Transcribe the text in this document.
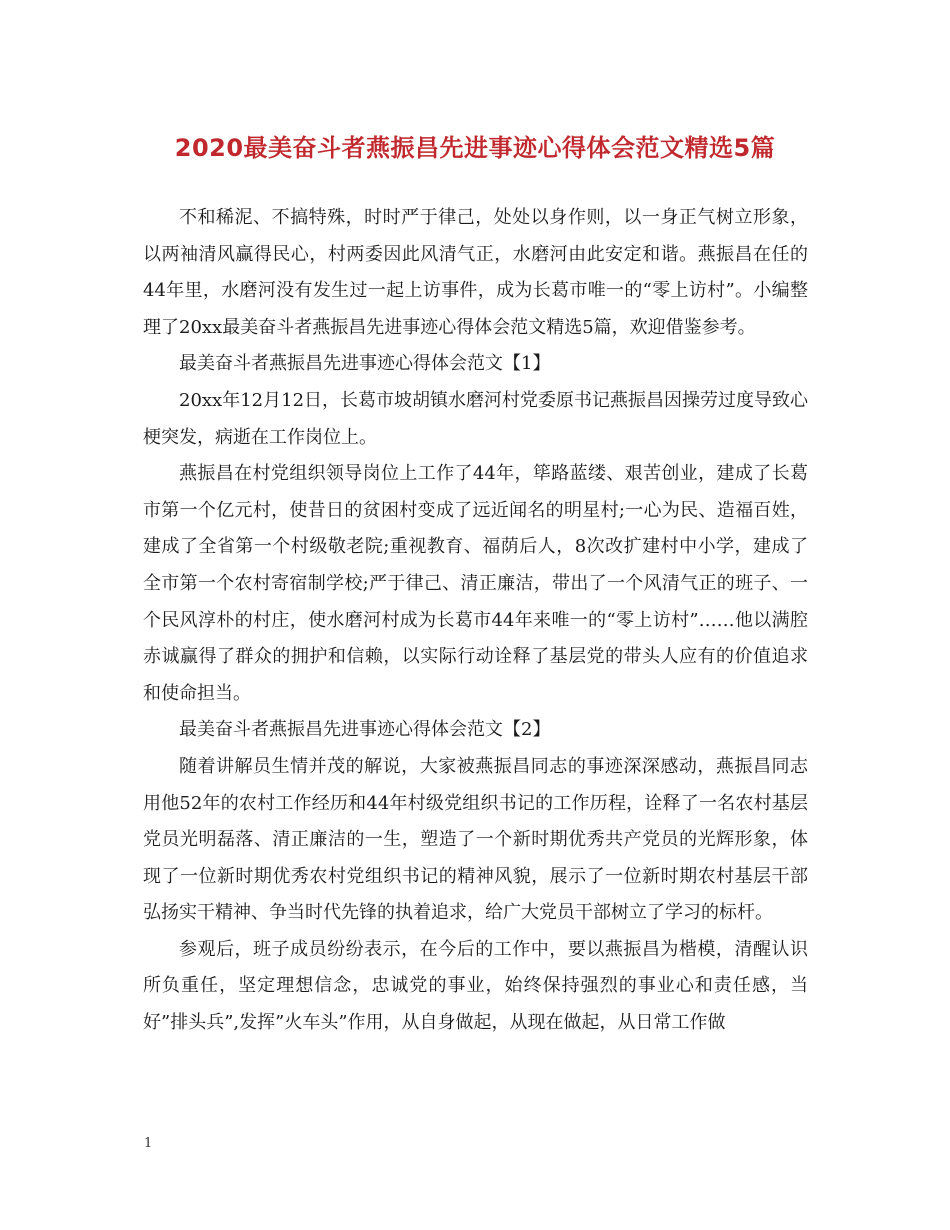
2020最美奋斗者燕振昌先进事迹心得体会范文精选5篇

不和稀泥、不搞特殊，时时严于律己，处处以身作则，以一身正气树立形象，以两袖清风赢得民心，村两委因此风清气正，水磨河由此安定和谐。燕振昌在任的44年里，水磨河没有发生过一起上访事件，成为长葛市唯一的“零上访村”。小编整理了20xx最美奋斗者燕振昌先进事迹心得体会范文精选5篇，欢迎借鉴参考。

最美奋斗者燕振昌先进事迹心得体会范文【1】

20xx年12月12日，长葛市坡胡镇水磨河村党委原书记燕振昌因操劳过度导致心梗突发，病逝在工作岗位上。

燕振昌在村党组织领导岗位上工作了44年，筚路蓝缕、艰苦创业，建成了长葛市第一个亿元村，使昔日的贫困村变成了远近闻名的明星村;一心为民、造福百姓，建成了全省第一个村级敬老院;重视教育、福荫后人，8次改扩建村中小学，建成了全市第一个农村寄宿制学校;严于律己、清正廉洁，带出了一个风清气正的班子、一个民风淳朴的村庄，使水磨河村成为长葛市44年来唯一的“零上访村”……他以满腔赤诚赢得了群众的拥护和信赖，以实际行动诠释了基层党的带头人应有的价值追求和使命担当。

最美奋斗者燕振昌先进事迹心得体会范文【2】

随着讲解员生情并茂的解说，大家被燕振昌同志的事迹深深感动，燕振昌同志用他52年的农村工作经历和44年村级党组织书记的工作历程，诠释了一名农村基层党员光明磊落、清正廉洁的一生，塑造了一个新时期优秀共产党员的光辉形象，体现了一位新时期优秀农村党组织书记的精神风貌，展示了一位新时期农村基层干部弘扬实干精神、争当时代先锋的执着追求，给广大党员干部树立了学习的标杆。

参观后，班子成员纷纷表示，在今后的工作中，要以燕振昌为楷模，清醒认识所负重任，坚定理想信念，忠诚党的事业，始终保持强烈的事业心和责任感，当好”排头兵”,发挥”火车头”作用，从自身做起，从现在做起，从日常工作做

1
